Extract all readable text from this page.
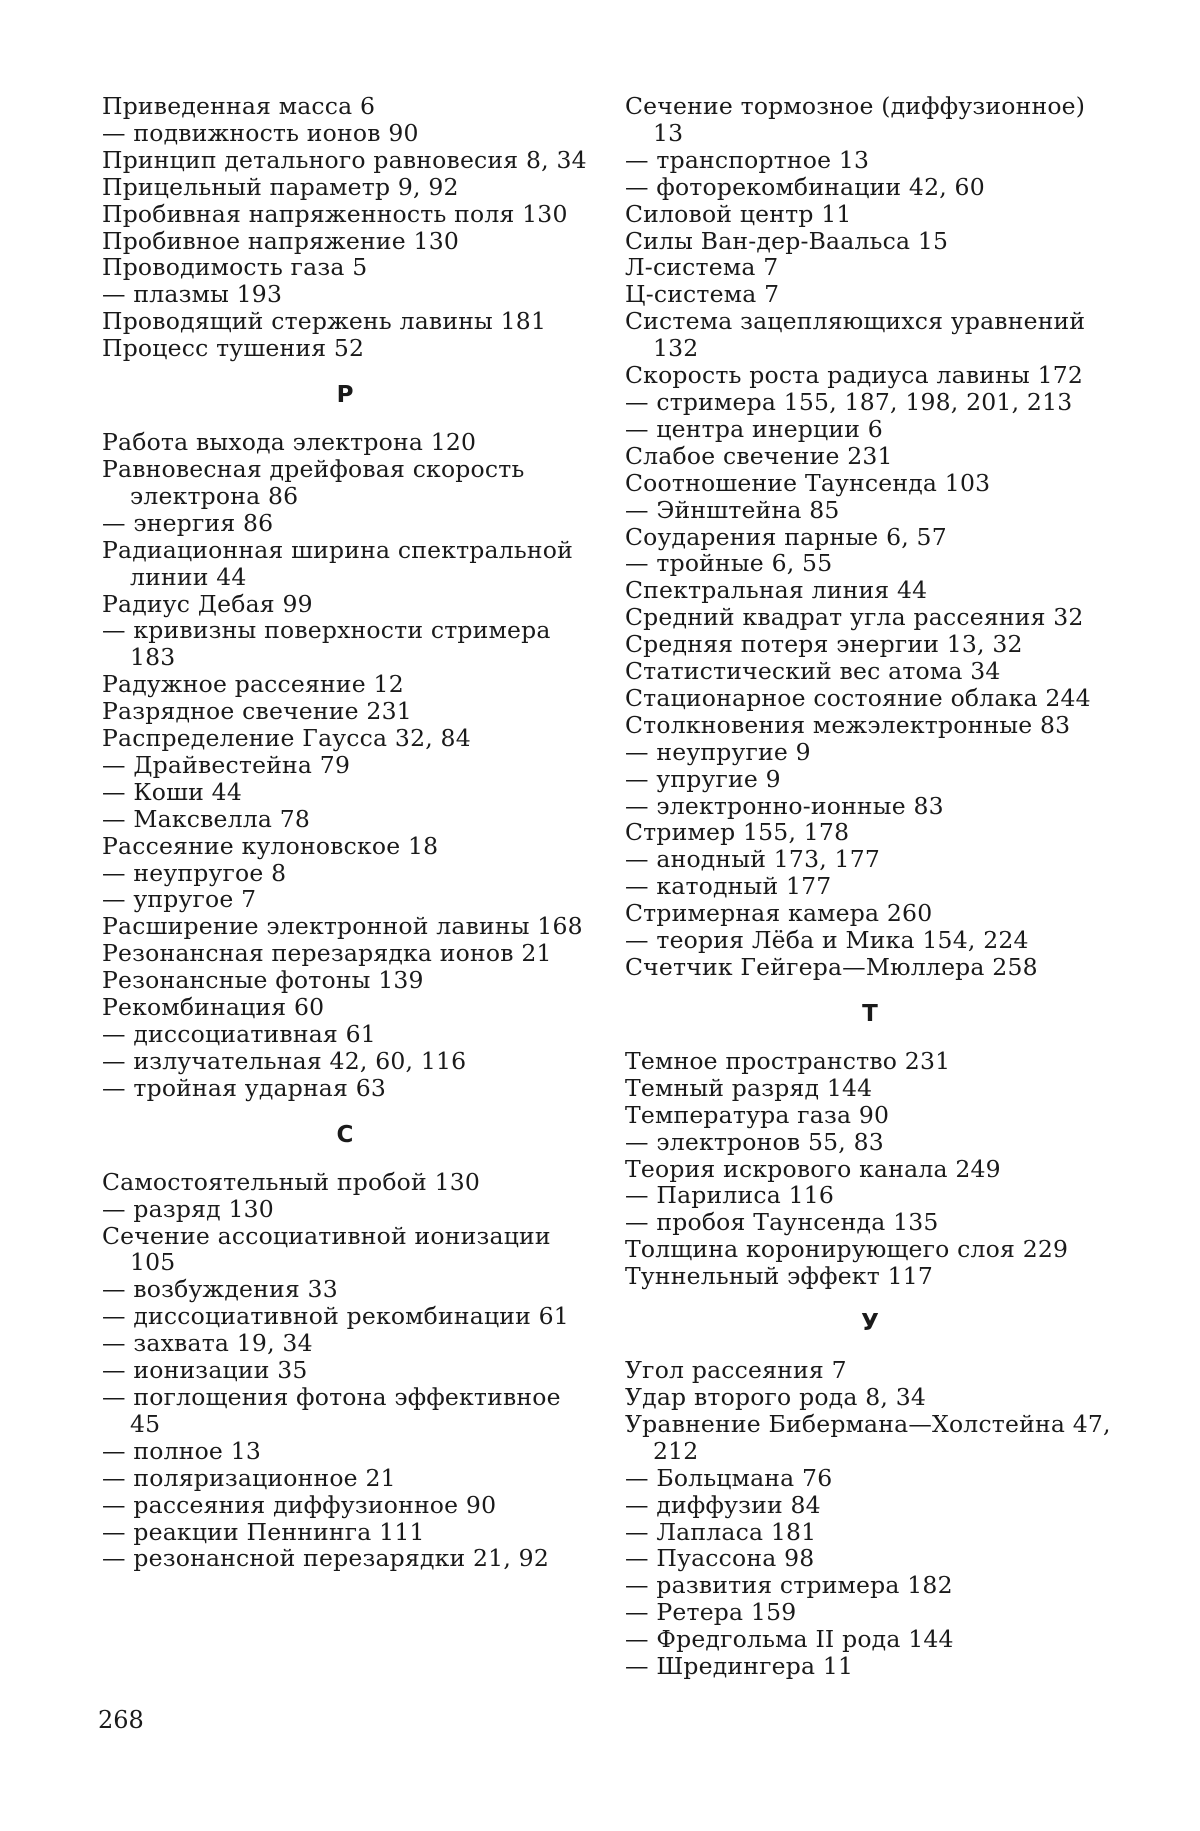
Приведенная масса 6

— подвижность ионов 90

Принцип детального равновесия 8, 34

Прицельный параметр 9, 92

Пробивная напряженность поля 130

Пробивное напряжение 130

Проводимость газа 5

— плазмы 193

Проводящий стержень лавины 181

Процесс тушения 52

Р

Работа выхода электрона 120

Равновесная дрейфовая скорость электрона 86

— энергия 86

Радиационная ширина спектральной линии 44

Радиус Дебая 99

— кривизны поверхности стримера 183

Радужное рассеяние 12

Разрядное свечение 231

Распределение Гаусса 32, 84

— Драйвестейна 79

— Коши 44

— Максвелла 78

Рассеяние кулоновское 18

— неупругое 8

— упругое 7

Расширение электронной лавины 168

Резонансная перезарядка ионов 21

Резонансные фотоны 139

Рекомбинация 60

— диссоциативная 61

— излучательная 42, 60, 116

— тройная ударная 63

С

Самостоятельный пробой 130

— разряд 130

Сечение ассоциативной ионизации 105

— возбуждения 33

— диссоциативной рекомбинации 61

— захвата 19, 34

— ионизации 35

— поглощения фотона эффективное 45

— полное 13

— поляризационное 21

— рассеяния диффузионное 90

— реакции Пеннинга 111

— резонансной перезарядки 21, 92

Сечение тормозное (диффузионное) 13

— транспортное 13

— фоторекомбинации 42, 60

Силовой центр 11

Силы Ван-дер-Ваальса 15

Л-система 7

Ц-система 7

Система зацепляющихся уравнений 132

Скорость роста радиуса лавины 172

— стримера 155, 187, 198, 201, 213

— центра инерции 6

Слабое свечение 231

Соотношение Таунсенда 103

— Эйнштейна 85

Соударения парные 6, 57

— тройные 6, 55

Спектральная линия 44

Средний квадрат угла рассеяния 32

Средняя потеря энергии 13, 32

Статистический вес атома 34

Стационарное состояние облака 244

Столкновения межэлектронные 83

— неупругие 9

— упругие 9

— электронно-ионные 83

Стример 155, 178

— анодный 173, 177

— катодный 177

Стримерная камера 260

— теория Лёба и Мика 154, 224

Счетчик Гейгера—Мюллера 258

Т

Темное пространство 231

Темный разряд 144

Температура газа 90

— электронов 55, 83

Теория искрового канала 249

— Парилиса 116

— пробоя Таунсенда 135

Толщина коронирующего слоя 229

Туннельный эффект 117

У

Угол рассеяния 7

Удар второго рода 8, 34

Уравнение Бибермана—Холстейна 47, 212

— Больцмана 76

— диффузии 84

— Лапласа 181

— Пуассона 98

— развития стримера 182

— Ретера 159

— Фредгольма II рода 144

— Шредингера 11

268
